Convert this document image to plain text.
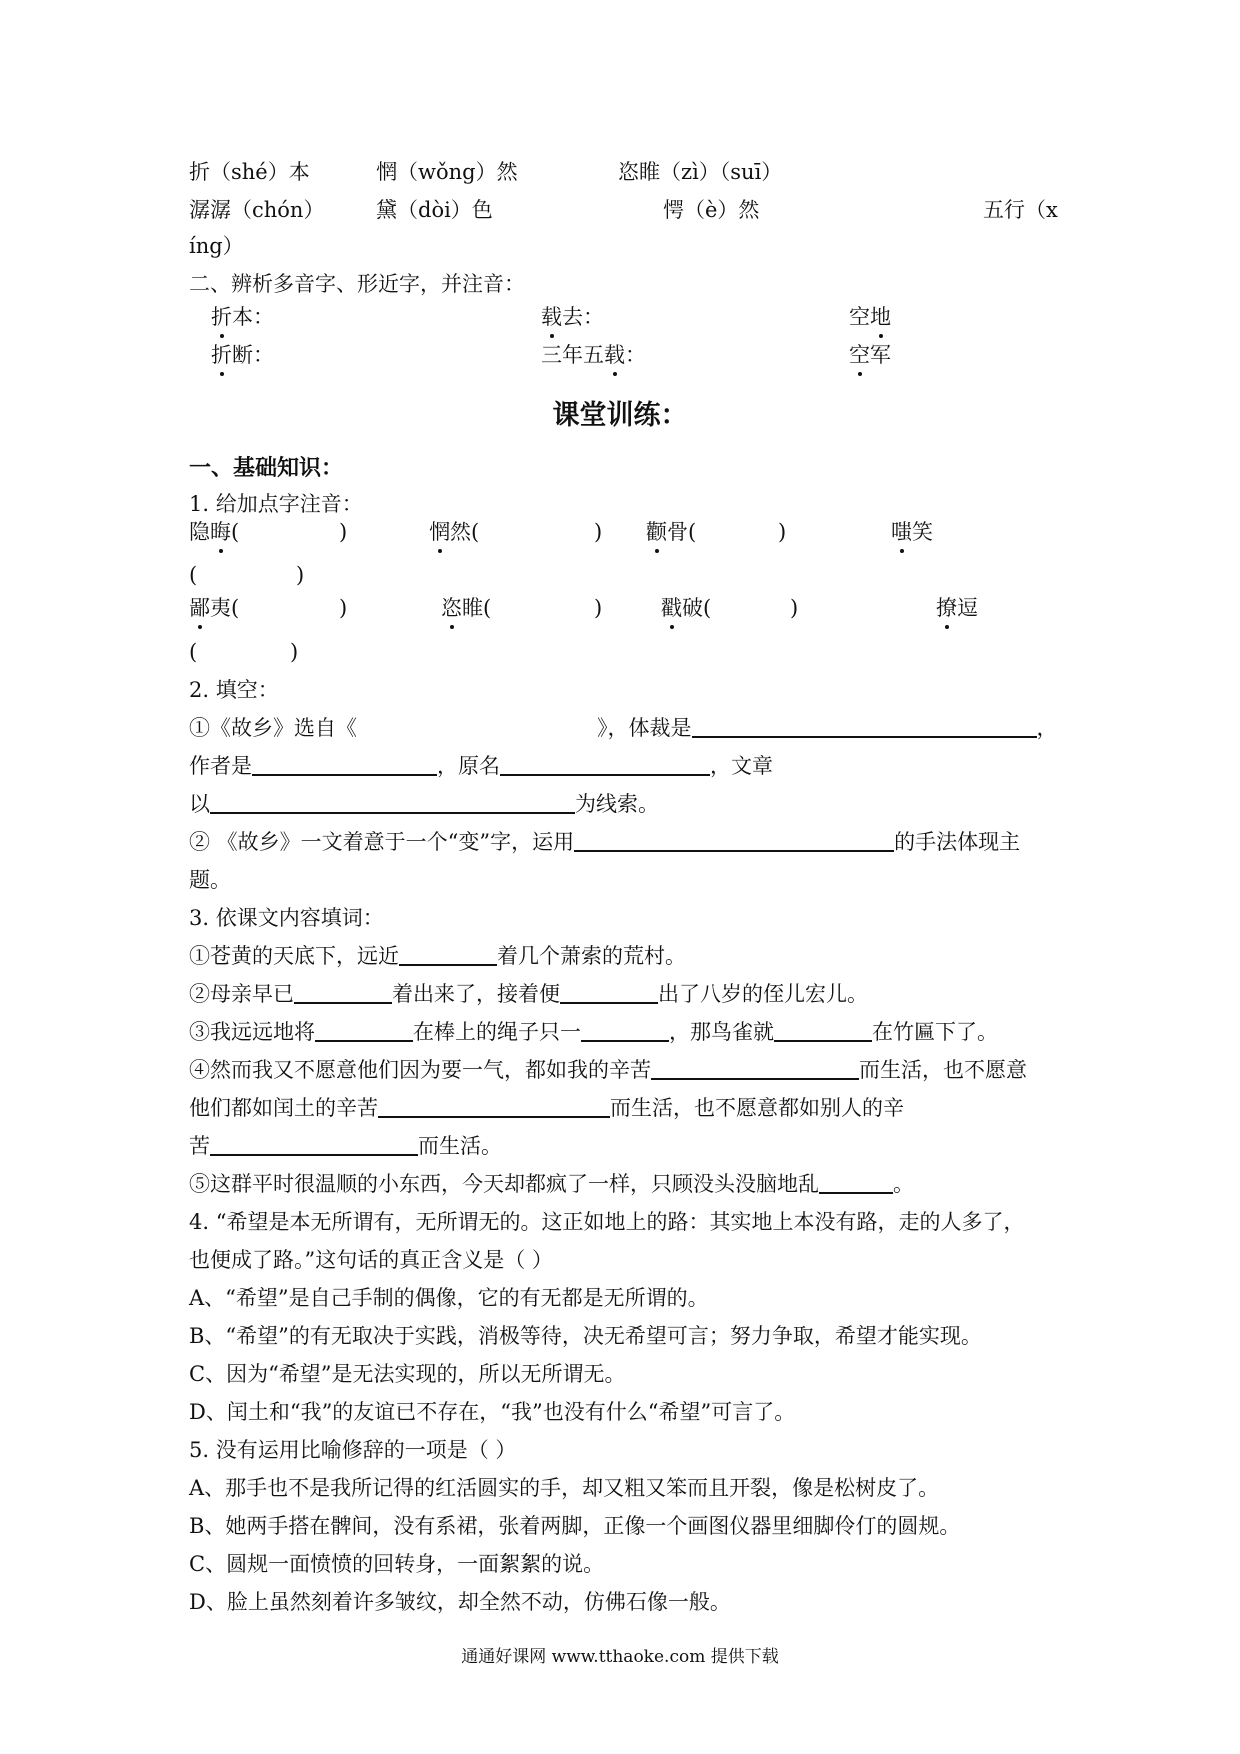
折（shé）本	惘（wǒng）然	恣睢（zì）（suī）
潺潺（chón） 黛（dòi）色	愕（è）然	五行（x
íng）
二、辨析多音字、形近字，并注音：
折本：	载去：	空地
折断：	三年五载：	空军
课堂训练：
一、基础知识：
1. 给加点字注音：
隐晦(	)	惘然(	) 颧骨(	)	嗤笑
(	)
鄙夷(	)	恣睢(	)	戳破(	)	撩逗
(	)
2. 填空：
①《故乡》选自《	》，体裁是	，
作者是	，原名	，文章
以	为线索。
② 《故乡》一文着意于一个“变”字，运用	的手法体现主
题。
3. 依课文内容填词：
①苍黄的天底下，远近	着几个萧索的荒村。
②母亲早已	着出来了，接着便	出了八岁的侄儿宏儿。
③我远远地将	在棒上的绳子只一	，那鸟雀就	在竹匾下了。
④然而我又不愿意他们因为要一气，都如我的辛苦	而生活，也不愿意
他们都如闰土的辛苦	而生活，也不愿意都如别人的辛
苦	而生活。
⑤这群平时很温顺的小东西，今天却都疯了一样，只顾没头没脑地乱	。
4. “希望是本无所谓有，无所谓无的。这正如地上的路：其实地上本没有路，走的人多了，
也便成了路。”这句话的真正含义是（ ）
A、“希望”是自己手制的偶像，它的有无都是无所谓的。
B、“希望”的有无取决于实践，消极等待，决无希望可言；努力争取，希望才能实现。
C、因为“希望”是无法实现的，所以无所谓无。
D、闰土和“我”的友谊已不存在，“我”也没有什么“希望”可言了。
5. 没有运用比喻修辞的一项是（ ）
A、那手也不是我所记得的红活圆实的手，却又粗又笨而且开裂，像是松树皮了。
B、她两手搭在髀间，没有系裙，张着两脚，正像一个画图仪器里细脚伶仃的圆规。
C、圆规一面愤愤的回转身，一面絮絮的说。
D、脸上虽然刻着许多皱纹，却全然不动，仿佛石像一般。
通通好课网 www.tthaoke.com 提供下载
